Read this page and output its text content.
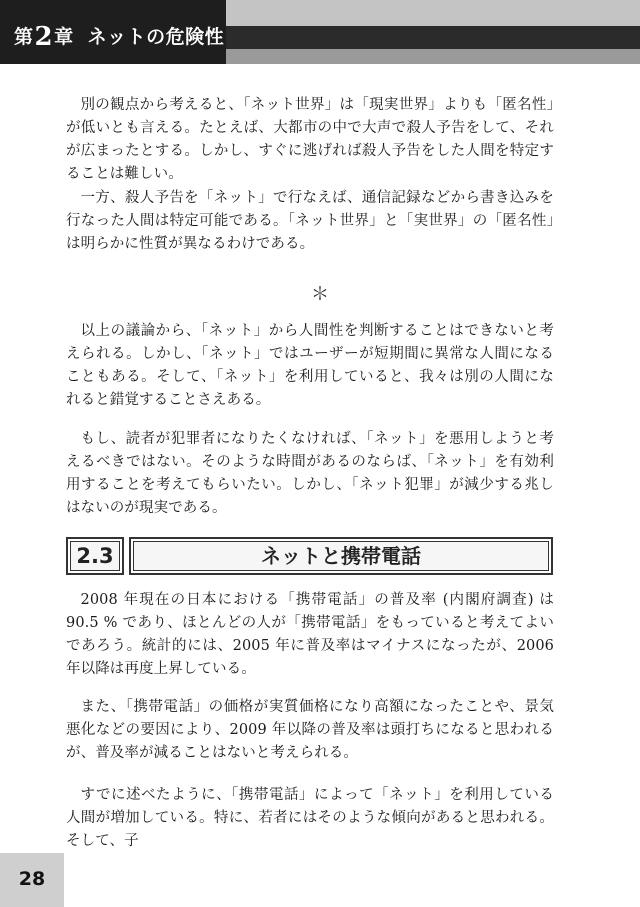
第2章 ネットの危険性

別の観点から考えると、「ネット世界」は「現実世界」よりも「匿名性」が低いとも言える。たとえば、大都市の中で大声で殺人予告をして、それが広まったとする。しかし、すぐに逃げれば殺人予告をした人間を特定することは難しい。

一方、殺人予告を「ネット」で行なえば、通信記録などから書き込みを行なった人間は特定可能である。「ネット世界」と「実世界」の「匿名性」は明らかに性質が異なるわけである。

＊

以上の議論から、「ネット」から人間性を判断することはできないと考えられる。しかし、「ネット」ではユーザーが短期間に異常な人間になることもある。そして、「ネット」を利用していると、我々は別の人間になれると錯覚することさえある。

もし、読者が犯罪者になりたくなければ、「ネット」を悪用しようと考えるべきではない。そのような時間があるのならば、「ネット」を有効利用することを考えてもらいたい。しかし、「ネット犯罪」が減少する兆しはないのが現実である。

2.3	ネットと携帯電話

2008 年現在の日本における「携帯電話」の普及率 (内閣府調査) は 90.5 % であり、ほとんどの人が「携帯電話」をもっていると考えてよいであろう。統計的には、2005 年に普及率はマイナスになったが、2006 年以降は再度上昇している。

また、「携帯電話」の価格が実質価格になり高額になったことや、景気悪化などの要因により、2009 年以降の普及率は頭打ちになると思われるが、普及率が減ることはないと考えられる。

すでに述べたように、「携帯電話」によって「ネット」を利用している人間が増加している。特に、若者にはそのような傾向があると思われる。そして、子

28
